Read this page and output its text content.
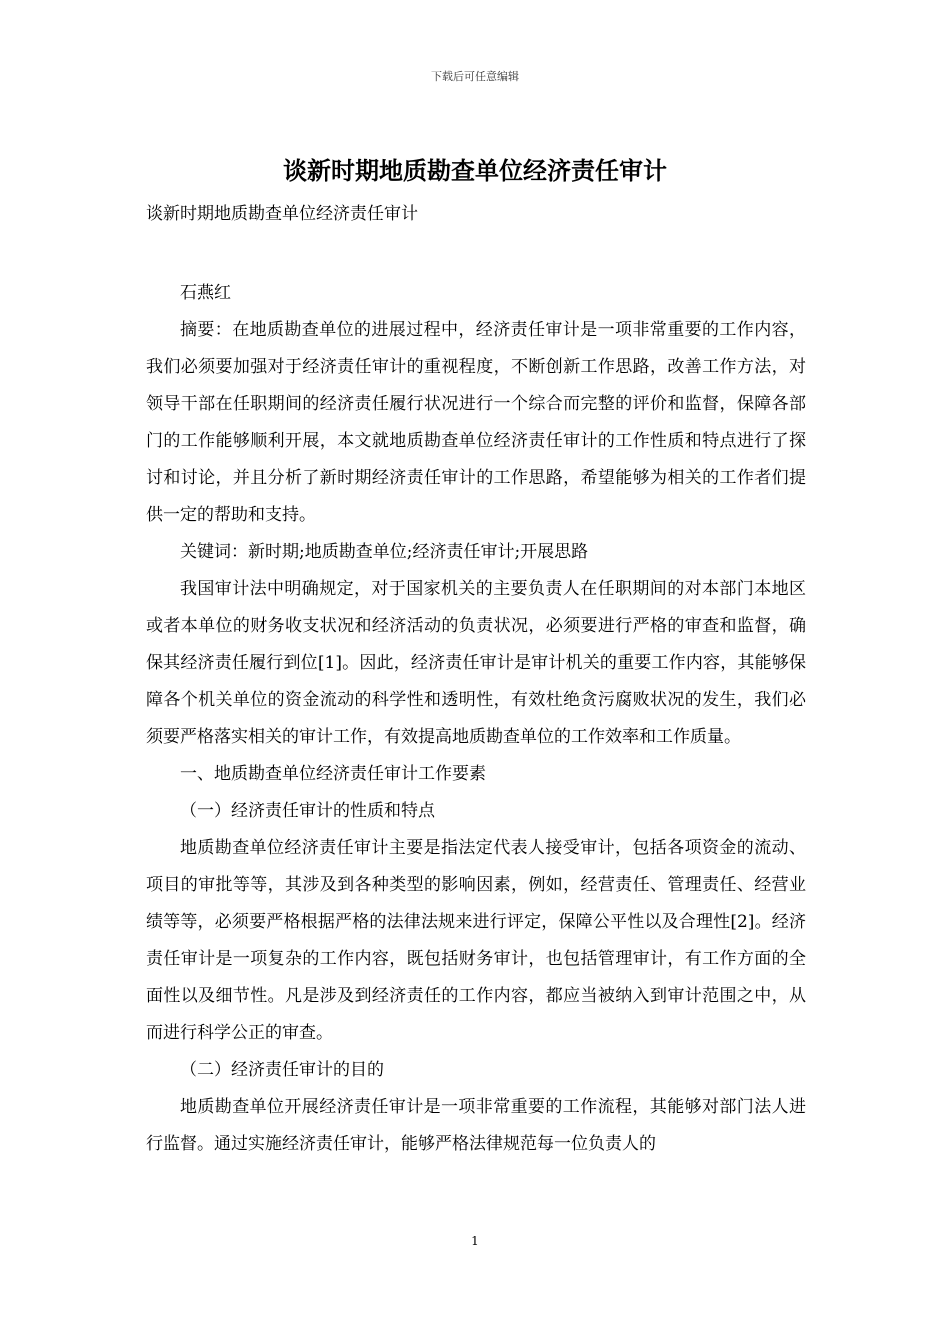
下载后可任意编辑
谈新时期地质勘查单位经济责任审计
谈新时期地质勘查单位经济责任审计

石燕红

摘要：在地质勘查单位的进展过程中，经济责任审计是一项非常重要的工作内容，我们必须要加强对于经济责任审计的重视程度，不断创新工作思路，改善工作方法，对领导干部在任职期间的经济责任履行状况进行一个综合而完整的评价和监督，保障各部门的工作能够顺利开展，本文就地质勘查单位经济责任审计的工作性质和特点进行了探讨和讨论，并且分析了新时期经济责任审计的工作思路，希望能够为相关的工作者们提供一定的帮助和支持。

关键词：新时期;地质勘查单位;经济责任审计;开展思路

我国审计法中明确规定，对于国家机关的主要负责人在任职期间的对本部门本地区或者本单位的财务收支状况和经济活动的负责状况，必须要进行严格的审查和监督，确保其经济责任履行到位[1]。因此，经济责任审计是审计机关的重要工作内容，其能够保障各个机关单位的资金流动的科学性和透明性，有效杜绝贪污腐败状况的发生，我们必须要严格落实相关的审计工作，有效提高地质勘查单位的工作效率和工作质量。

一、地质勘查单位经济责任审计工作要素

（一）经济责任审计的性质和特点

地质勘查单位经济责任审计主要是指法定代表人接受审计，包括各项资金的流动、项目的审批等等，其涉及到各种类型的影响因素，例如，经营责任、管理责任、经营业绩等等，必须要严格根据严格的法律法规来进行评定，保障公平性以及合理性[2]。经济责任审计是一项复杂的工作内容，既包括财务审计，也包括管理审计，有工作方面的全面性以及细节性。凡是涉及到经济责任的工作内容，都应当被纳入到审计范围之中，从而进行科学公正的审查。

（二）经济责任审计的目的

地质勘查单位开展经济责任审计是一项非常重要的工作流程，其能够对部门法人进行监督。通过实施经济责任审计，能够严格法律规范每一位负责人的

1
